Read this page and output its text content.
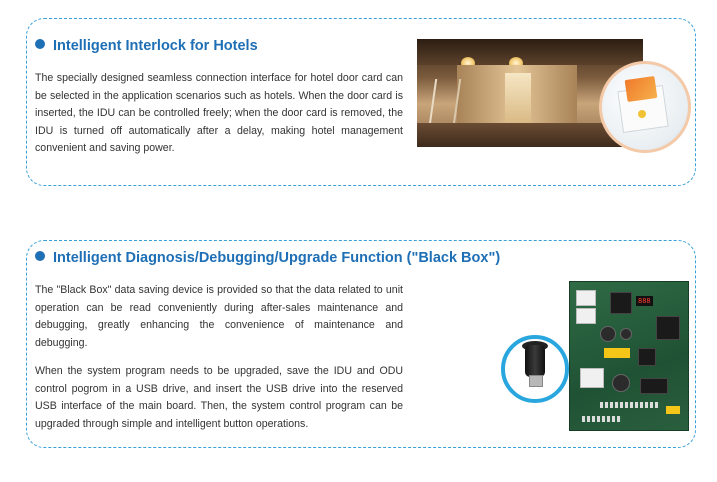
Intelligent Interlock for Hotels

The specially designed seamless connection interface for hotel door card can be selected in the application scenarios such as hotels. When the door card is inserted, the IDU can be controlled freely; when the door card is removed, the IDU is turned off automatically after a delay, making hotel management convenient and saving power.

Intelligent Diagnosis/Debugging/Upgrade Function ("Black Box")

The "Black Box" data saving device is provided so that the data related to unit operation can be read conveniently during after-sales maintenance and debugging, greatly enhancing the convenience of maintenance and debugging.

When the system program needs to be upgraded, save the IDU and ODU control pogrom in a USB drive, and insert the USB drive into the reserved USB interface of the main board. Then, the system control program can be upgraded through simple and intelligent button operations.

888
